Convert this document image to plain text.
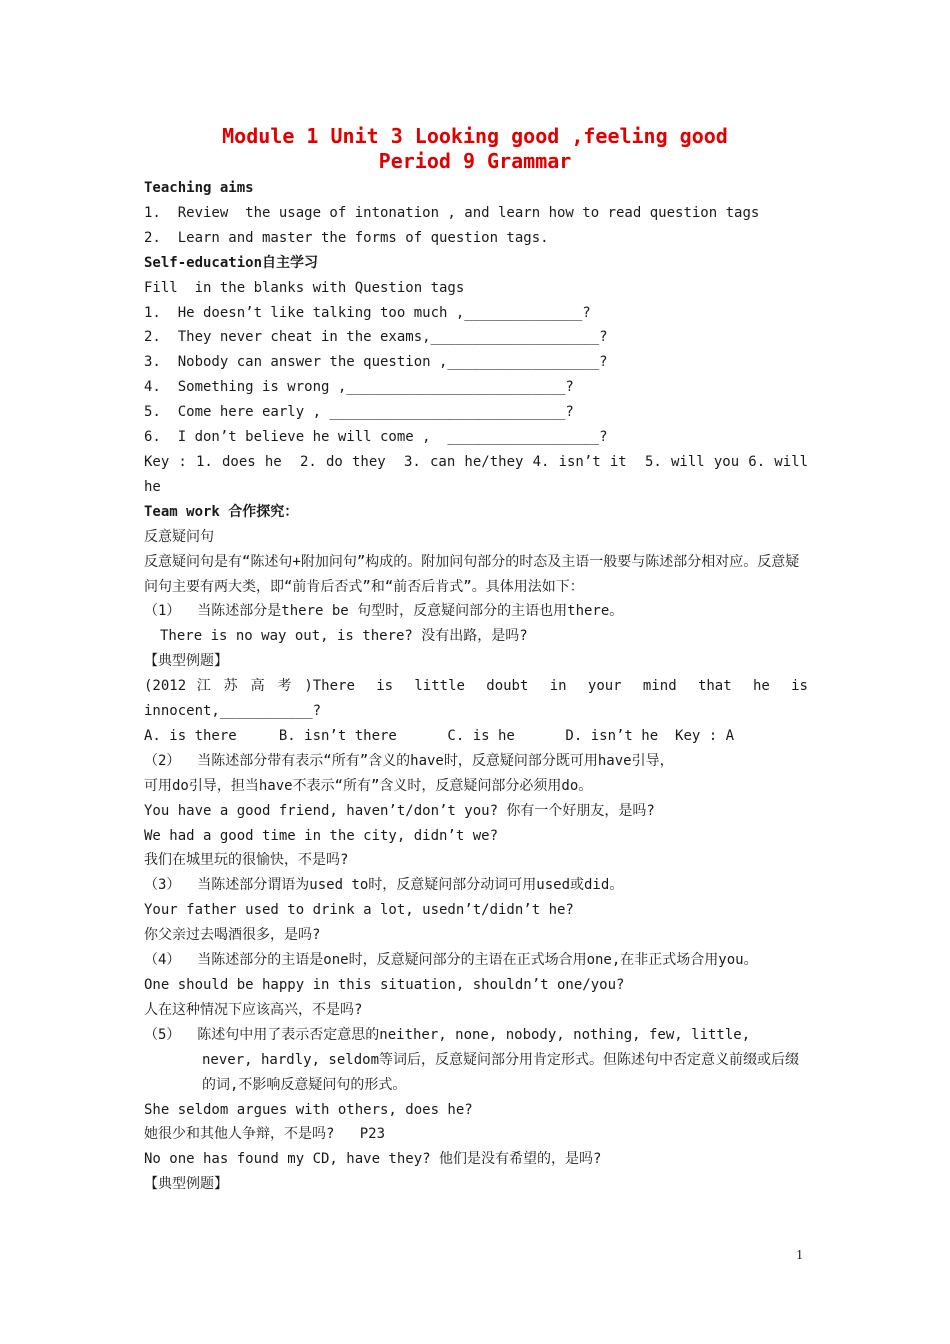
Module 1 Unit 3 Looking good ,feeling good
Period 9 Grammar

Teaching aims

1.  Review  the usage of intonation , and learn how to read question tags

2.  Learn and master the forms of question tags.

Self-education自主学习

Fill  in the blanks with Question tags

1.  He doesn’t like talking too much ,______________?

2.  They never cheat in the exams,____________________?

3.  Nobody can answer the question ,__________________?

4.  Something is wrong ,__________________________?

5.  Come here early , ____________________________?

6.  I don’t believe he will come ,  __________________?

Key : 1. does he  2. do they  3. can he/they 4. isn’t it  5. will you 6. will

he

Team work 合作探究：

反意疑问句

反意疑问句是有“陈述句+附加问句”构成的。附加问句部分的时态及主语一般要与陈述部分相对应。反意疑问句主要有两大类，即“前肯后否式”和“前否后肯式”。具体用法如下：

（1）  当陈述部分是there be 句型时，反意疑问部分的主语也用there。

There is no way out, is there? 没有出路，是吗?

【典型例题】

(2012 江 苏 高 考 )There  is  little  doubt  in  your  mind  that  he  is

innocent,___________?

A. is there     B. isn’t there      C. is he      D. isn’t he  Key : A

（2）  当陈述部分带有表示“所有”含义的have时，反意疑问部分既可用have引导，

可用do引导，担当have不表示“所有”含义时，反意疑问部分必须用do。

You have a good friend, haven’t/don’t you? 你有一个好朋友，是吗?

We had a good time in the city, didn’t we?

我们在城里玩的很愉快，不是吗?

（3）  当陈述部分谓语为used to时，反意疑问部分动词可用used或did。

Your father used to drink a lot, usedn’t/didn’t he?

你父亲过去喝酒很多，是吗?

（4）  当陈述部分的主语是one时，反意疑问部分的主语在正式场合用one,在非正式场合用you。

One should be happy in this situation, shouldn’t one/you?

人在这种情况下应该高兴，不是吗?

（5）  陈述句中用了表示否定意思的neither, none, nobody, nothing, few, little, never, hardly, seldom等词后，反意疑问部分用肯定形式。但陈述句中否定意义前缀或后缀的词,不影响反意疑问句的形式。

She seldom argues with others, does he?

她很少和其他人争辩，不是吗?   P23

No one has found my CD, have they? 他们是没有希望的，是吗?

【典型例题】

1
